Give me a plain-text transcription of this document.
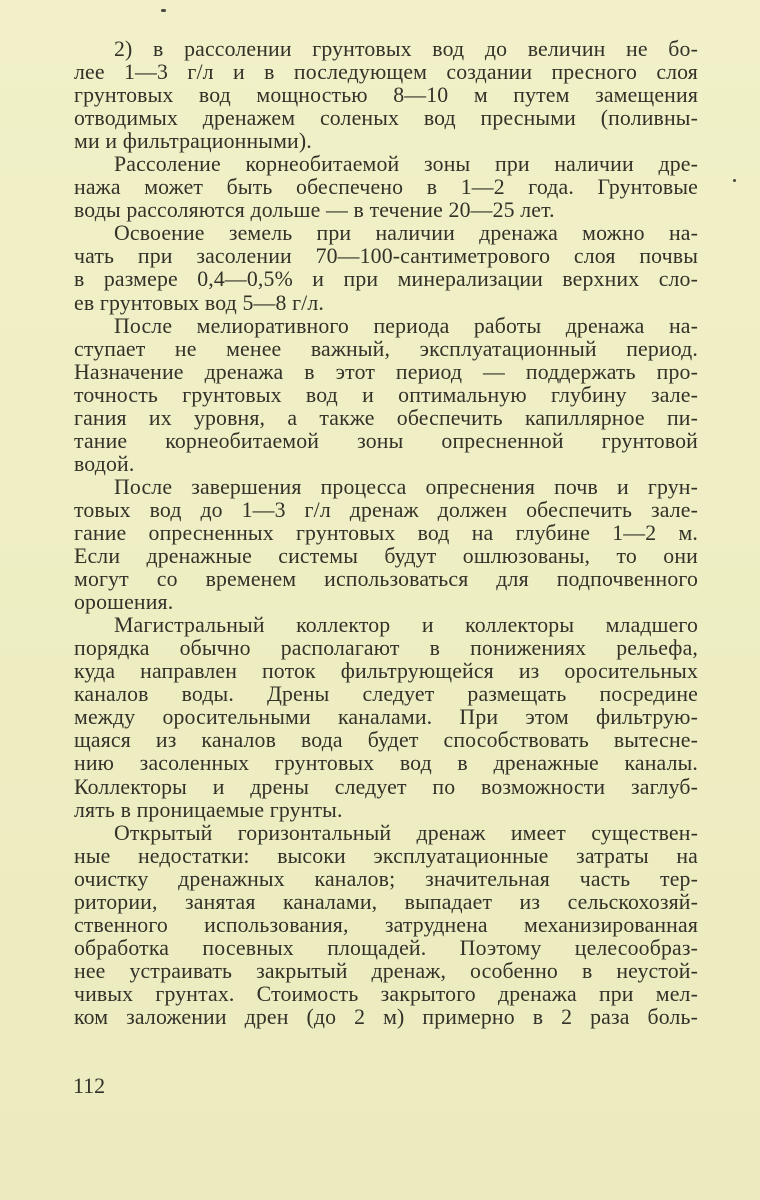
2) в рассолении грунтовых вод до величин не бо-
лее 1—3 г/л и в последующем создании пресного слоя
грунтовых вод мощностью 8—10 м путем замещения
отводимых дренажем соленых вод пресными (поливны-
ми и фильтрационными).

Рассоление корнеобитаемой зоны при наличии дре-
нажа может быть обеспечено в 1—2 года. Грунтовые
воды рассоляются дольше — в течение 20—25 лет.

Освоение земель при наличии дренажа можно на-
чать при засолении 70—100-сантиметрового слоя почвы
в размере 0,4—0,5% и при минерализации верхних сло-
ев грунтовых вод 5—8 г/л.

После мелиоративного периода работы дренажа на-
ступает не менее важный, эксплуатационный период.
Назначение дренажа в этот период — поддержать про-
точность грунтовых вод и оптимальную глубину зале-
гания их уровня, а также обеспечить капиллярное пи-
тание корнеобитаемой зоны опресненной грунтовой
водой.

После завершения процесса опреснения почв и грун-
товых вод до 1—3 г/л дренаж должен обеспечить зале-
гание опресненных грунтовых вод на глубине 1—2 м.
Если дренажные системы будут ошлюзованы, то они
могут со временем использоваться для подпочвенного
орошения.

Магистральный коллектор и коллекторы младшего
порядка обычно располагают в понижениях рельефа,
куда направлен поток фильтрующейся из оросительных
каналов воды. Дрены следует размещать посредине
между оросительными каналами. При этом фильтрую-
щаяся из каналов вода будет способствовать вытесне-
нию засоленных грунтовых вод в дренажные каналы.
Коллекторы и дрены следует по возможности заглуб-
лять в проницаемые грунты.

Открытый горизонтальный дренаж имеет существен-
ные недостатки: высоки эксплуатационные затраты на
очистку дренажных каналов; значительная часть тер-
ритории, занятая каналами, выпадает из сельскохозяй-
ственного использования, затруднена механизированная
обработка посевных площадей. Поэтому целесообраз-
нее устраивать закрытый дренаж, особенно в неустой-
чивых грунтах. Стоимость закрытого дренажа при мел-
ком заложении дрен (до 2 м) примерно в 2 раза боль-

112
